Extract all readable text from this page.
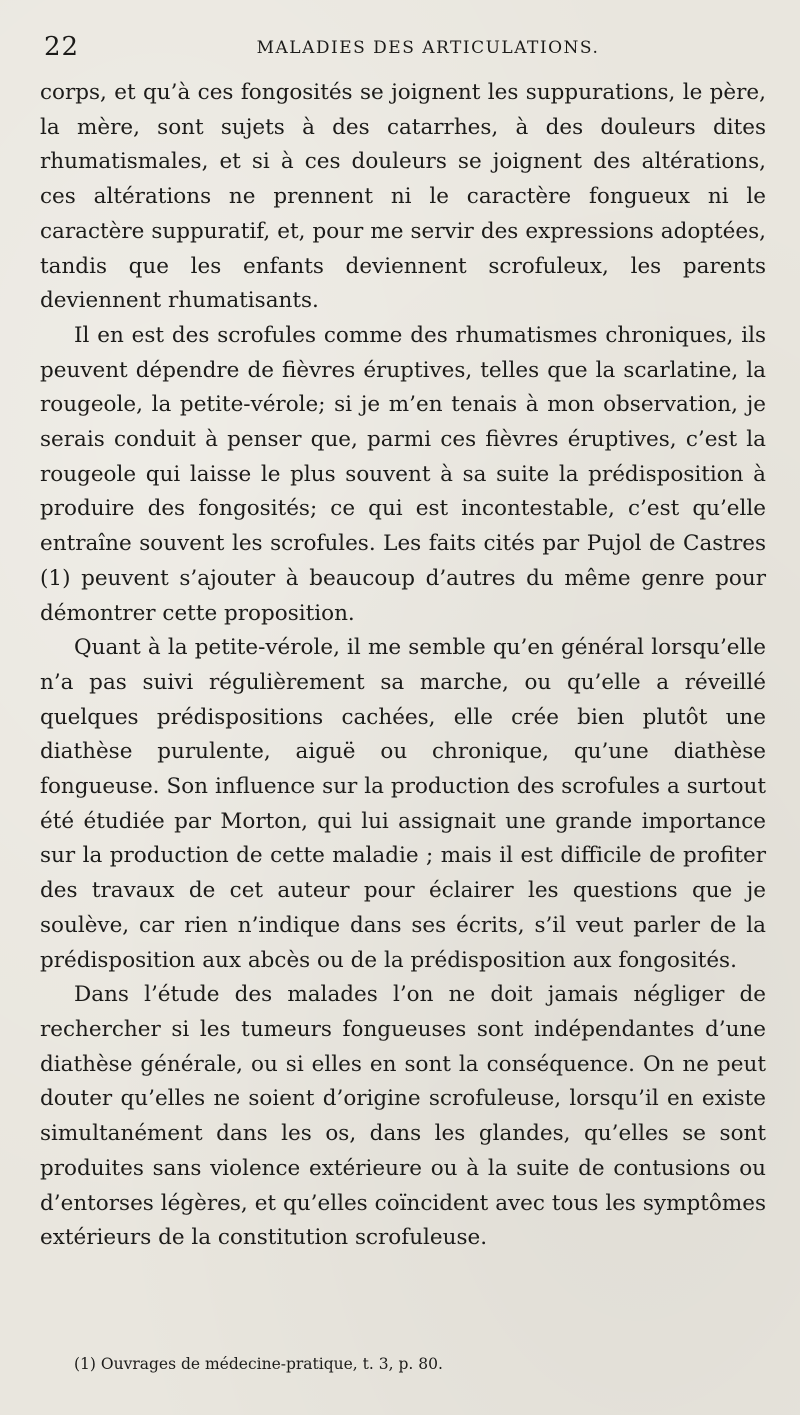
22	MALADIES DES ARTICULATIONS.

corps, et qu’à ces fongosités se joignent les suppurations, le père, la mère, sont sujets à des catarrhes, à des douleurs dites rhumatismales, et si à ces douleurs se joignent des altérations, ces altérations ne prennent ni le caractère fongueux ni le caractère suppuratif, et, pour me servir des expressions adoptées, tandis que les enfants deviennent scrofuleux, les parents deviennent rhumatisants.

Il en est des scrofules comme des rhumatismes chroniques, ils peuvent dépendre de fièvres éruptives, telles que la scarlatine, la rougeole, la petite-vérole; si je m’en tenais à mon observation, je serais conduit à penser que, parmi ces fièvres éruptives, c’est la rougeole qui laisse le plus souvent à sa suite la prédisposition à produire des fongosités; ce qui est incontestable, c’est qu’elle entraîne souvent les scrofules. Les faits cités par Pujol de Castres (1) peuvent s’ajouter à beaucoup d’autres du même genre pour démontrer cette proposition.

Quant à la petite-vérole, il me semble qu’en général lorsqu’elle n’a pas suivi régulièrement sa marche, ou qu’elle a réveillé quelques prédispositions cachées, elle crée bien plutôt une diathèse purulente, aiguë ou chronique, qu’une diathèse fongueuse. Son influence sur la production des scrofules a surtout été étudiée par Morton, qui lui assignait une grande importance sur la production de cette maladie ; mais il est difficile de profiter des travaux de cet auteur pour éclairer les questions que je soulève, car rien n’indique dans ses écrits, s’il veut parler de la prédisposition aux abcès ou de la prédisposition aux fongosités.

Dans l’étude des malades l’on ne doit jamais négliger de rechercher si les tumeurs fongueuses sont indépendantes d’une diathèse générale, ou si elles en sont la conséquence. On ne peut douter qu’elles ne soient d’origine scrofuleuse, lorsqu’il en existe simultanément dans les os, dans les glandes, qu’elles se sont produites sans violence extérieure ou à la suite de contusions ou d’entorses légères, et qu’elles coïncident avec tous les symptômes extérieurs de la constitution scrofuleuse.

(1) Ouvrages de médecine-pratique, t. 3, p. 80.
